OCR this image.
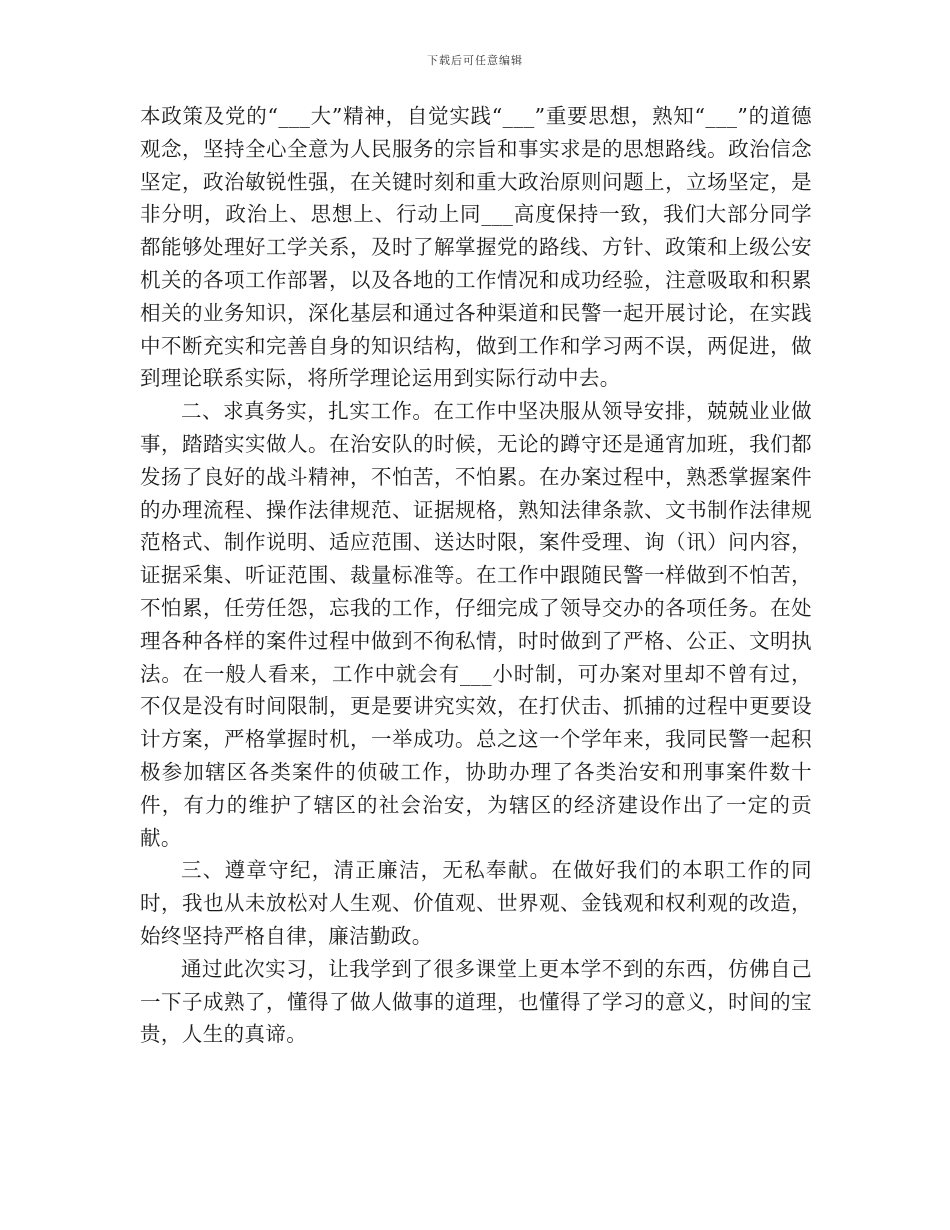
下载后可任意编辑

本政策及党的“___大”精神，自觉实践“___”重要思想，熟知“___”的道德观念，坚持全心全意为人民服务的宗旨和事实求是的思想路线。政治信念坚定，政治敏锐性强，在关键时刻和重大政治原则问题上，立场坚定，是非分明，政治上、思想上、行动上同___高度保持一致，我们大部分同学都能够处理好工学关系，及时了解掌握党的路线、方针、政策和上级公安机关的各项工作部署，以及各地的工作情况和成功经验，注意吸取和积累相关的业务知识，深化基层和通过各种渠道和民警一起开展讨论，在实践中不断充实和完善自身的知识结构，做到工作和学习两不误，两促进，做到理论联系实际，将所学理论运用到实际行动中去。

二、求真务实，扎实工作。在工作中坚决服从领导安排，兢兢业业做事，踏踏实实做人。在治安队的时候，无论的蹲守还是通宵加班，我们都发扬了良好的战斗精神，不怕苦，不怕累。在办案过程中，熟悉掌握案件的办理流程、操作法律规范、证据规格，熟知法律条款、文书制作法律规范格式、制作说明、适应范围、送达时限，案件受理、询（讯）问内容，证据采集、听证范围、裁量标准等。在工作中跟随民警一样做到不怕苦，不怕累，任劳任怨，忘我的工作，仔细完成了领导交办的各项任务。在处理各种各样的案件过程中做到不徇私情，时时做到了严格、公正、文明执法。在一般人看来，工作中就会有___小时制，可办案对里却不曾有过，不仅是没有时间限制，更是要讲究实效，在打伏击、抓捕的过程中更要设计方案，严格掌握时机，一举成功。总之这一个学年来，我同民警一起积极参加辖区各类案件的侦破工作，协助办理了各类治安和刑事案件数十件，有力的维护了辖区的社会治安，为辖区的经济建设作出了一定的贡献。

三、遵章守纪，清正廉洁，无私奉献。在做好我们的本职工作的同时，我也从未放松对人生观、价值观、世界观、金钱观和权利观的改造，始终坚持严格自律，廉洁勤政。

通过此次实习，让我学到了很多课堂上更本学不到的东西，仿佛自己一下子成熟了，懂得了做人做事的道理，也懂得了学习的意义，时间的宝贵，人生的真谛。
